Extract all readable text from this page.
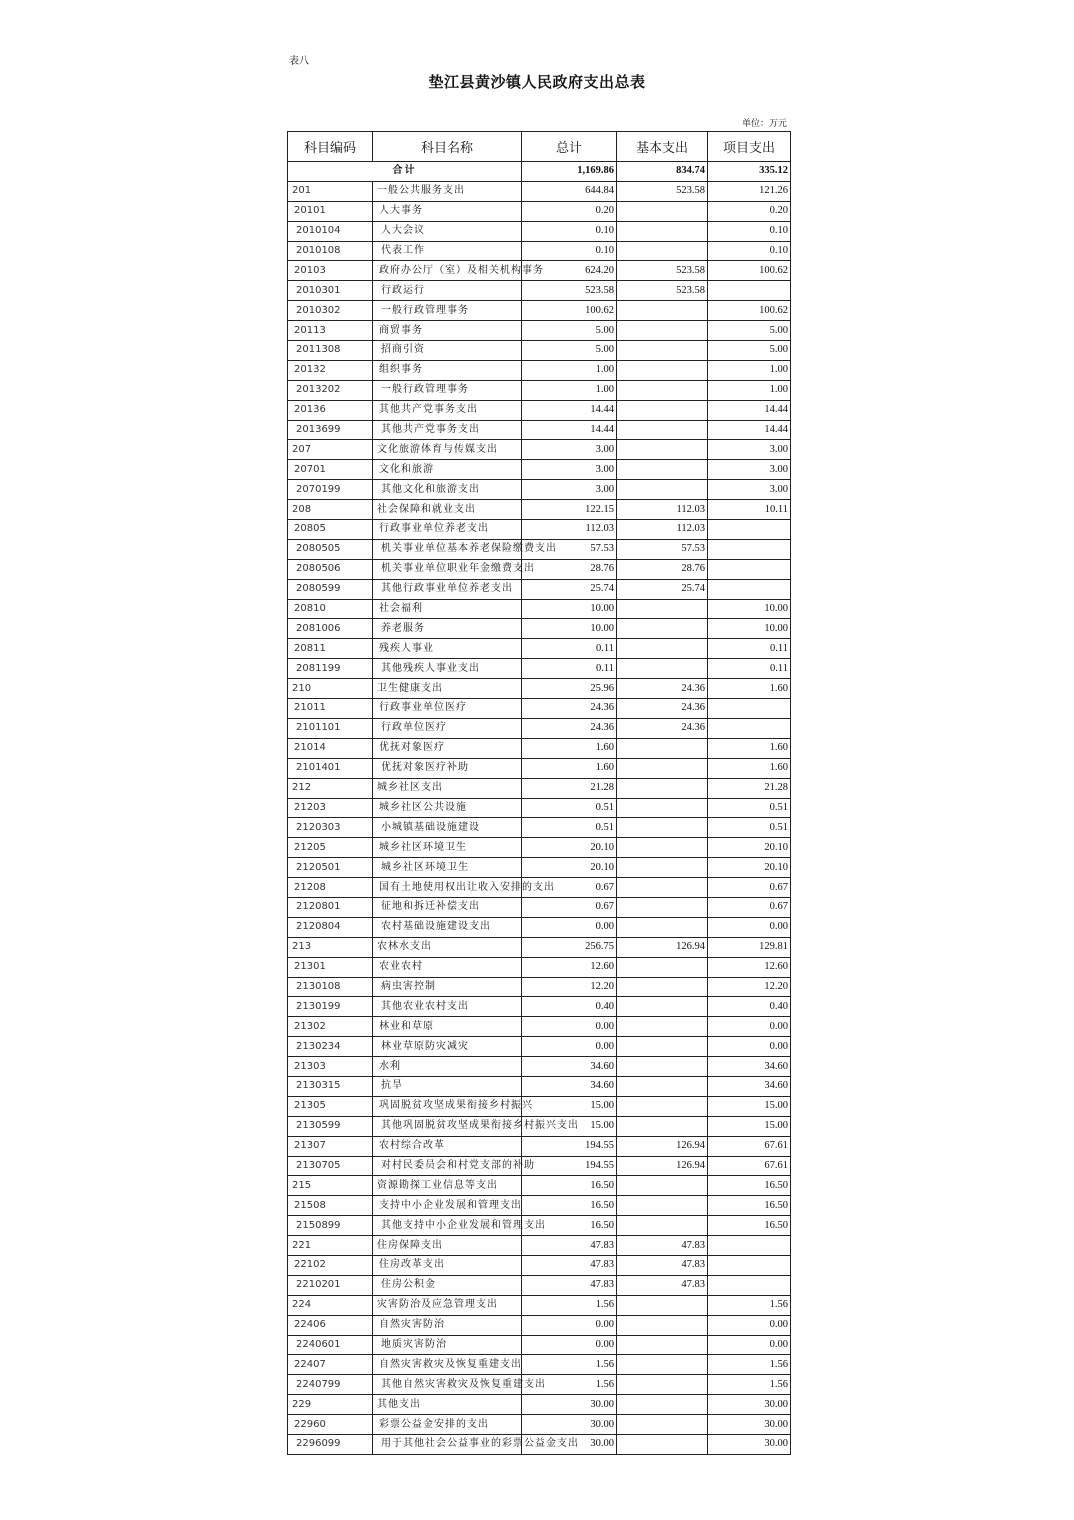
表八
垫江县黄沙镇人民政府支出总表
单位：万元
科目编码	科目名称	总计	基本支出	项目支出
合计		1,169.86	834.74	335.12
201	一般公共服务支出	644.84	523.58	121.26
20101	人大事务	0.20		0.20
2010104	人大会议	0.10		0.10
2010108	代表工作	0.10		0.10
20103	政府办公厅（室）及相关机构事务	624.20	523.58	100.62
2010301	行政运行	523.58	523.58	
2010302	一般行政管理事务	100.62		100.62
20113	商贸事务	5.00		5.00
2011308	招商引资	5.00		5.00
20132	组织事务	1.00		1.00
2013202	一般行政管理事务	1.00		1.00
20136	其他共产党事务支出	14.44		14.44
2013699	其他共产党事务支出	14.44		14.44
207	文化旅游体育与传媒支出	3.00		3.00
20701	文化和旅游	3.00		3.00
2070199	其他文化和旅游支出	3.00		3.00
208	社会保障和就业支出	122.15	112.03	10.11
20805	行政事业单位养老支出	112.03	112.03	
2080505	机关事业单位基本养老保险缴费支出	57.53	57.53	
2080506	机关事业单位职业年金缴费支出	28.76	28.76	
2080599	其他行政事业单位养老支出	25.74	25.74	
20810	社会福利	10.00		10.00
2081006	养老服务	10.00		10.00
20811	残疾人事业	0.11		0.11
2081199	其他残疾人事业支出	0.11		0.11
210	卫生健康支出	25.96	24.36	1.60
21011	行政事业单位医疗	24.36	24.36	
2101101	行政单位医疗	24.36	24.36	
21014	优抚对象医疗	1.60		1.60
2101401	优抚对象医疗补助	1.60		1.60
212	城乡社区支出	21.28		21.28
21203	城乡社区公共设施	0.51		0.51
2120303	小城镇基础设施建设	0.51		0.51
21205	城乡社区环境卫生	20.10		20.10
2120501	城乡社区环境卫生	20.10		20.10
21208	国有土地使用权出让收入安排的支出	0.67		0.67
2120801	征地和拆迁补偿支出	0.67		0.67
2120804	农村基础设施建设支出	0.00		0.00
213	农林水支出	256.75	126.94	129.81
21301	农业农村	12.60		12.60
2130108	病虫害控制	12.20		12.20
2130199	其他农业农村支出	0.40		0.40
21302	林业和草原	0.00		0.00
2130234	林业草原防灾减灾	0.00		0.00
21303	水利	34.60		34.60
2130315	抗旱	34.60		34.60
21305	巩固脱贫攻坚成果衔接乡村振兴	15.00		15.00
2130599	其他巩固脱贫攻坚成果衔接乡村振兴支出	15.00		15.00
21307	农村综合改革	194.55	126.94	67.61
2130705	对村民委员会和村党支部的补助	194.55	126.94	67.61
215	资源勘探工业信息等支出	16.50		16.50
21508	支持中小企业发展和管理支出	16.50		16.50
2150899	其他支持中小企业发展和管理支出	16.50		16.50
221	住房保障支出	47.83	47.83	
22102	住房改革支出	47.83	47.83	
2210201	住房公积金	47.83	47.83	
224	灾害防治及应急管理支出	1.56		1.56
22406	自然灾害防治	0.00		0.00
2240601	地质灾害防治	0.00		0.00
22407	自然灾害救灾及恢复重建支出	1.56		1.56
2240799	其他自然灾害救灾及恢复重建支出	1.56		1.56
229	其他支出	30.00		30.00
22960	彩票公益金安排的支出	30.00		30.00
2296099	用于其他社会公益事业的彩票公益金支出	30.00		30.00
